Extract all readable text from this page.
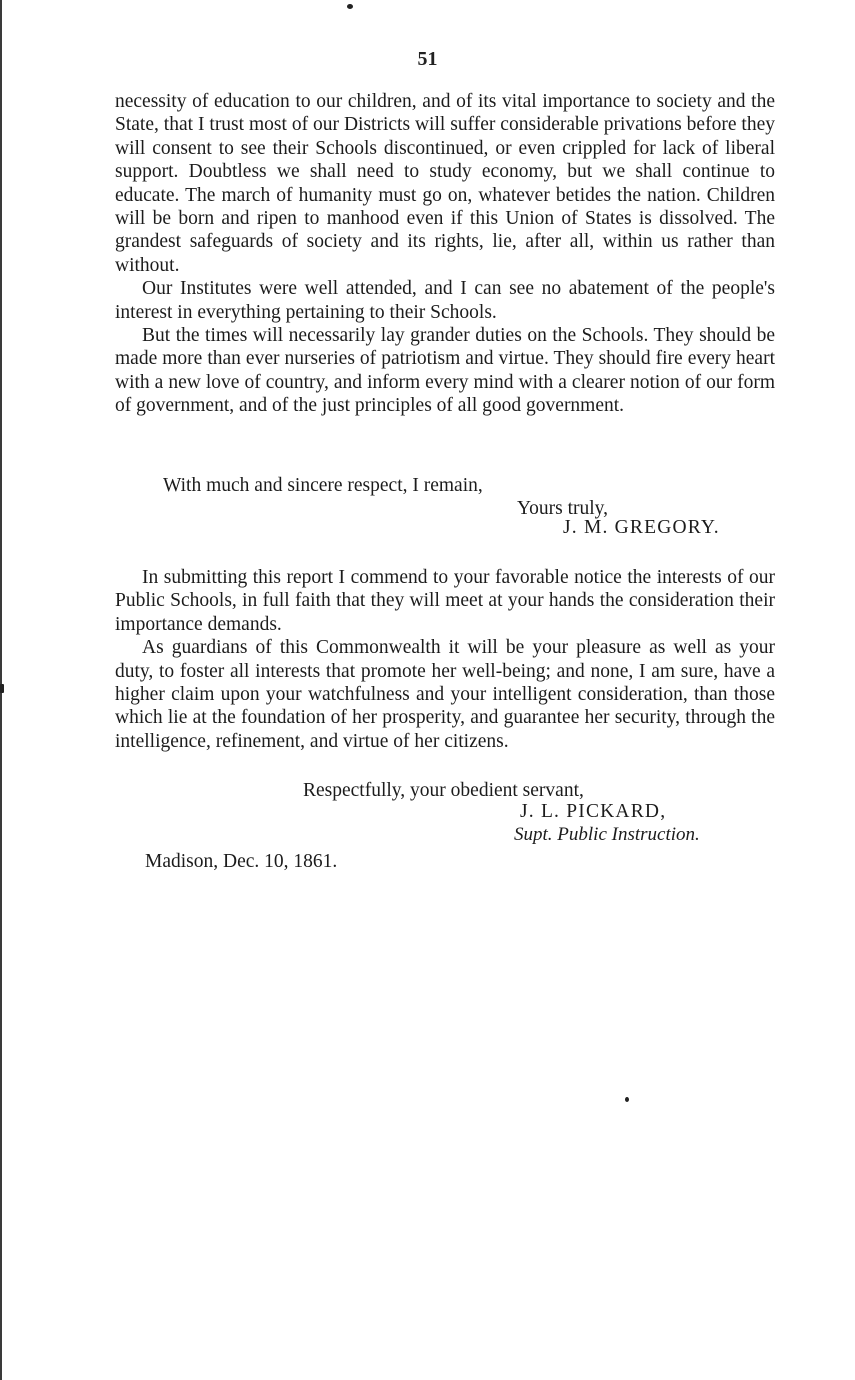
51

necessity of education to our children, and of its vital importance to society and the State, that I trust most of our Districts will suffer considerable privations before they will consent to see their Schools discontinued, or even crippled for lack of liberal support. Doubtless we shall need to study economy, but we shall continue to educate. The march of humanity must go on, whatever betides the nation. Children will be born and ripen to manhood even if this Union of States is dissolved. The grandest safeguards of society and its rights, lie, after all, within us rather than without.

Our Institutes were well attended, and I can see no abatement of the people's interest in everything pertaining to their Schools.

But the times will necessarily lay grander duties on the Schools. They should be made more than ever nurseries of patriotism and virtue. They should fire every heart with a new love of country, and inform every mind with a clearer notion of our form of government, and of the just principles of all good government.

With much and sincere respect, I remain,
Yours truly,
J. M. GREGORY.

In submitting this report I commend to your favorable notice the interests of our Public Schools, in full faith that they will meet at your hands the consideration their importance demands.

As guardians of this Commonwealth it will be your pleasure as well as your duty, to foster all interests that promote her well-being; and none, I am sure, have a higher claim upon your watchfulness and your intelligent consideration, than those which lie at the foundation of her prosperity, and guarantee her security, through the intelligence, refinement, and virtue of her citizens.

Respectfully, your obedient servant,
J. L. PICKARD,
Supt. Public Instruction.
Madison, Dec. 10, 1861.
